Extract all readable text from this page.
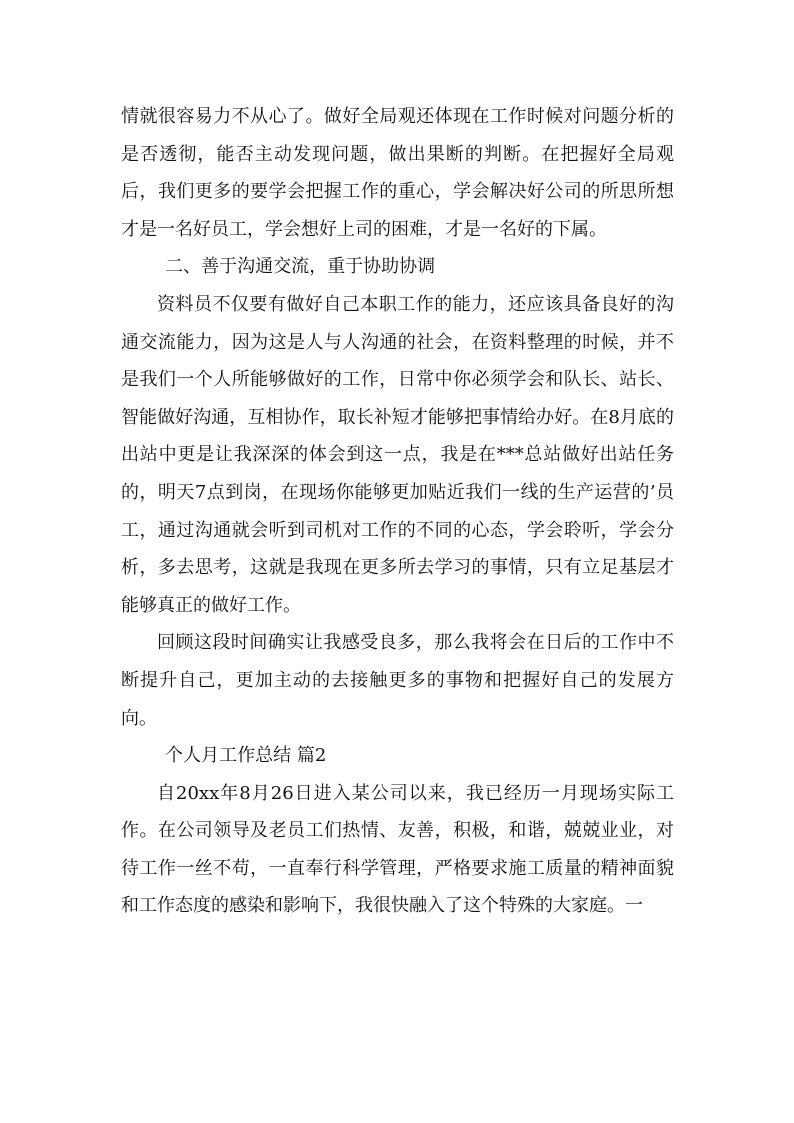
情就很容易力不从心了。做好全局观还体现在工作时候对问题分析的是否透彻，能否主动发现问题，做出果断的判断。在把握好全局观后，我们更多的要学会把握工作的重心，学会解决好公司的所思所想才是一名好员工，学会想好上司的困难，才是一名好的下属。

二、善于沟通交流，重于协助协调

资料员不仅要有做好自己本职工作的能力，还应该具备良好的沟通交流能力，因为这是人与人沟通的社会，在资料整理的时候，并不是我们一个人所能够做好的工作，日常中你必须学会和队长、站长、智能做好沟通，互相协作，取长补短才能够把事情给办好。在8月底的出站中更是让我深深的体会到这一点，我是在***总站做好出站任务的，明天7点到岗，在现场你能够更加贴近我们一线的生产运营的’员工，通过沟通就会听到司机对工作的不同的心态，学会聆听，学会分析，多去思考，这就是我现在更多所去学习的事情，只有立足基层才能够真正的做好工作。

回顾这段时间确实让我感受良多，那么我将会在日后的工作中不断提升自己，更加主动的去接触更多的事物和把握好自己的发展方向。

个人月工作总结 篇2

自20xx年8月26日进入某公司以来，我已经历一月现场实际工作。在公司领导及老员工们热情、友善，积极，和谐，兢兢业业，对待工作一丝不苟，一直奉行科学管理，严格要求施工质量的精神面貌和工作态度的感染和影响下，我很快融入了这个特殊的大家庭。一
